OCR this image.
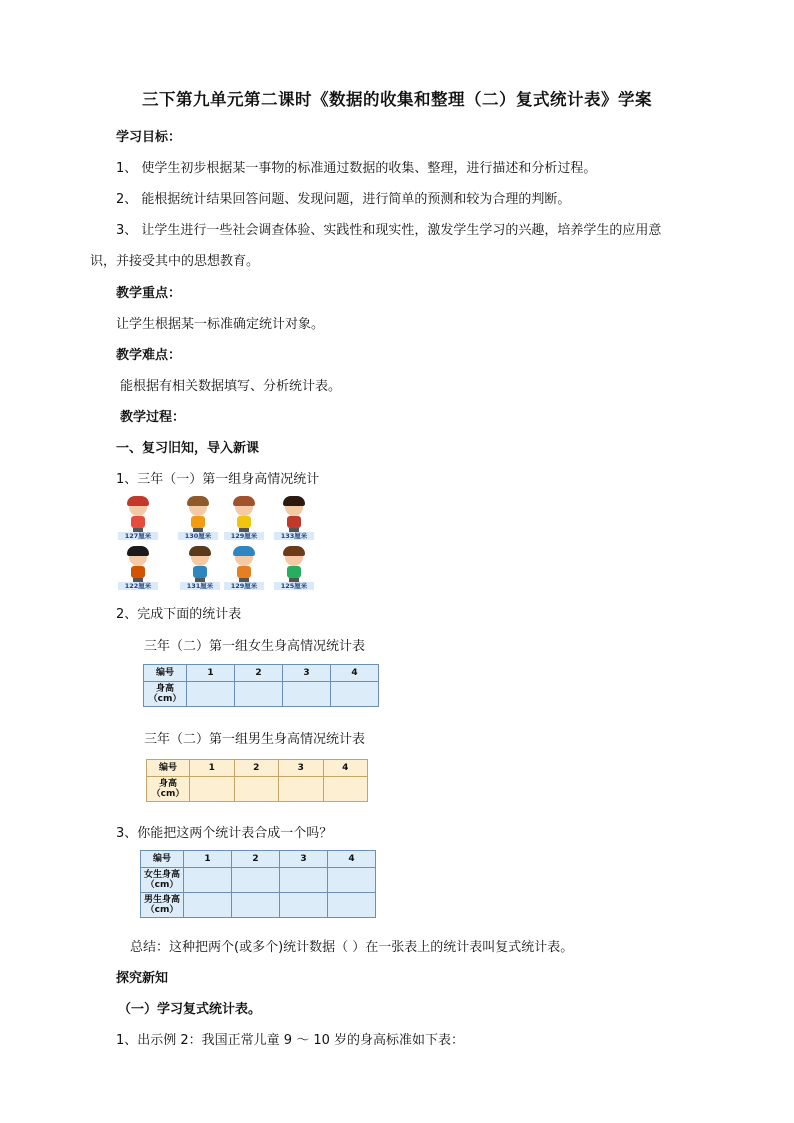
三下第九单元第二课时《数据的收集和整理（二）复式统计表》学案
学习目标：
1、 使学生初步根据某一事物的标准通过数据的收集、整理，进行描述和分析过程。
2、 能根据统计结果回答问题、发现问题，进行简单的预测和较为合理的判断。
3、 让学生进行一些社会调查体验、实践性和现实性，激发学生学习的兴趣，培养学生的应用意
识，并接受其中的思想教育。
教学重点：
让学生根据某一标准确定统计对象。
教学难点：
能根据有相关数据填写、分析统计表。
教学过程：
一、复习旧知，导入新课
1、三年（一）第一组身高情况统计
127厘米	130厘米	129厘米	133厘米
122厘米	131厘米	129厘米	125厘米
2、完成下面的统计表
三年（二）第一组女生身高情况统计表
编号	1	2	3	4
身高
（cm）				
三年（二）第一组男生身高情况统计表
编号	1	2	3	4
身高
（cm）				
3、你能把这两个统计表合成一个吗？
编号	1	2	3	4
女生身高
（cm）				
男生身高
（cm）				
总结：这种把两个(或多个)统计数据（ ）在一张表上的统计表叫复式统计表。
探究新知
（一）学习复式统计表。
1、出示例 2：我国正常儿童 9 ～ 10 岁的身高标准如下表：
